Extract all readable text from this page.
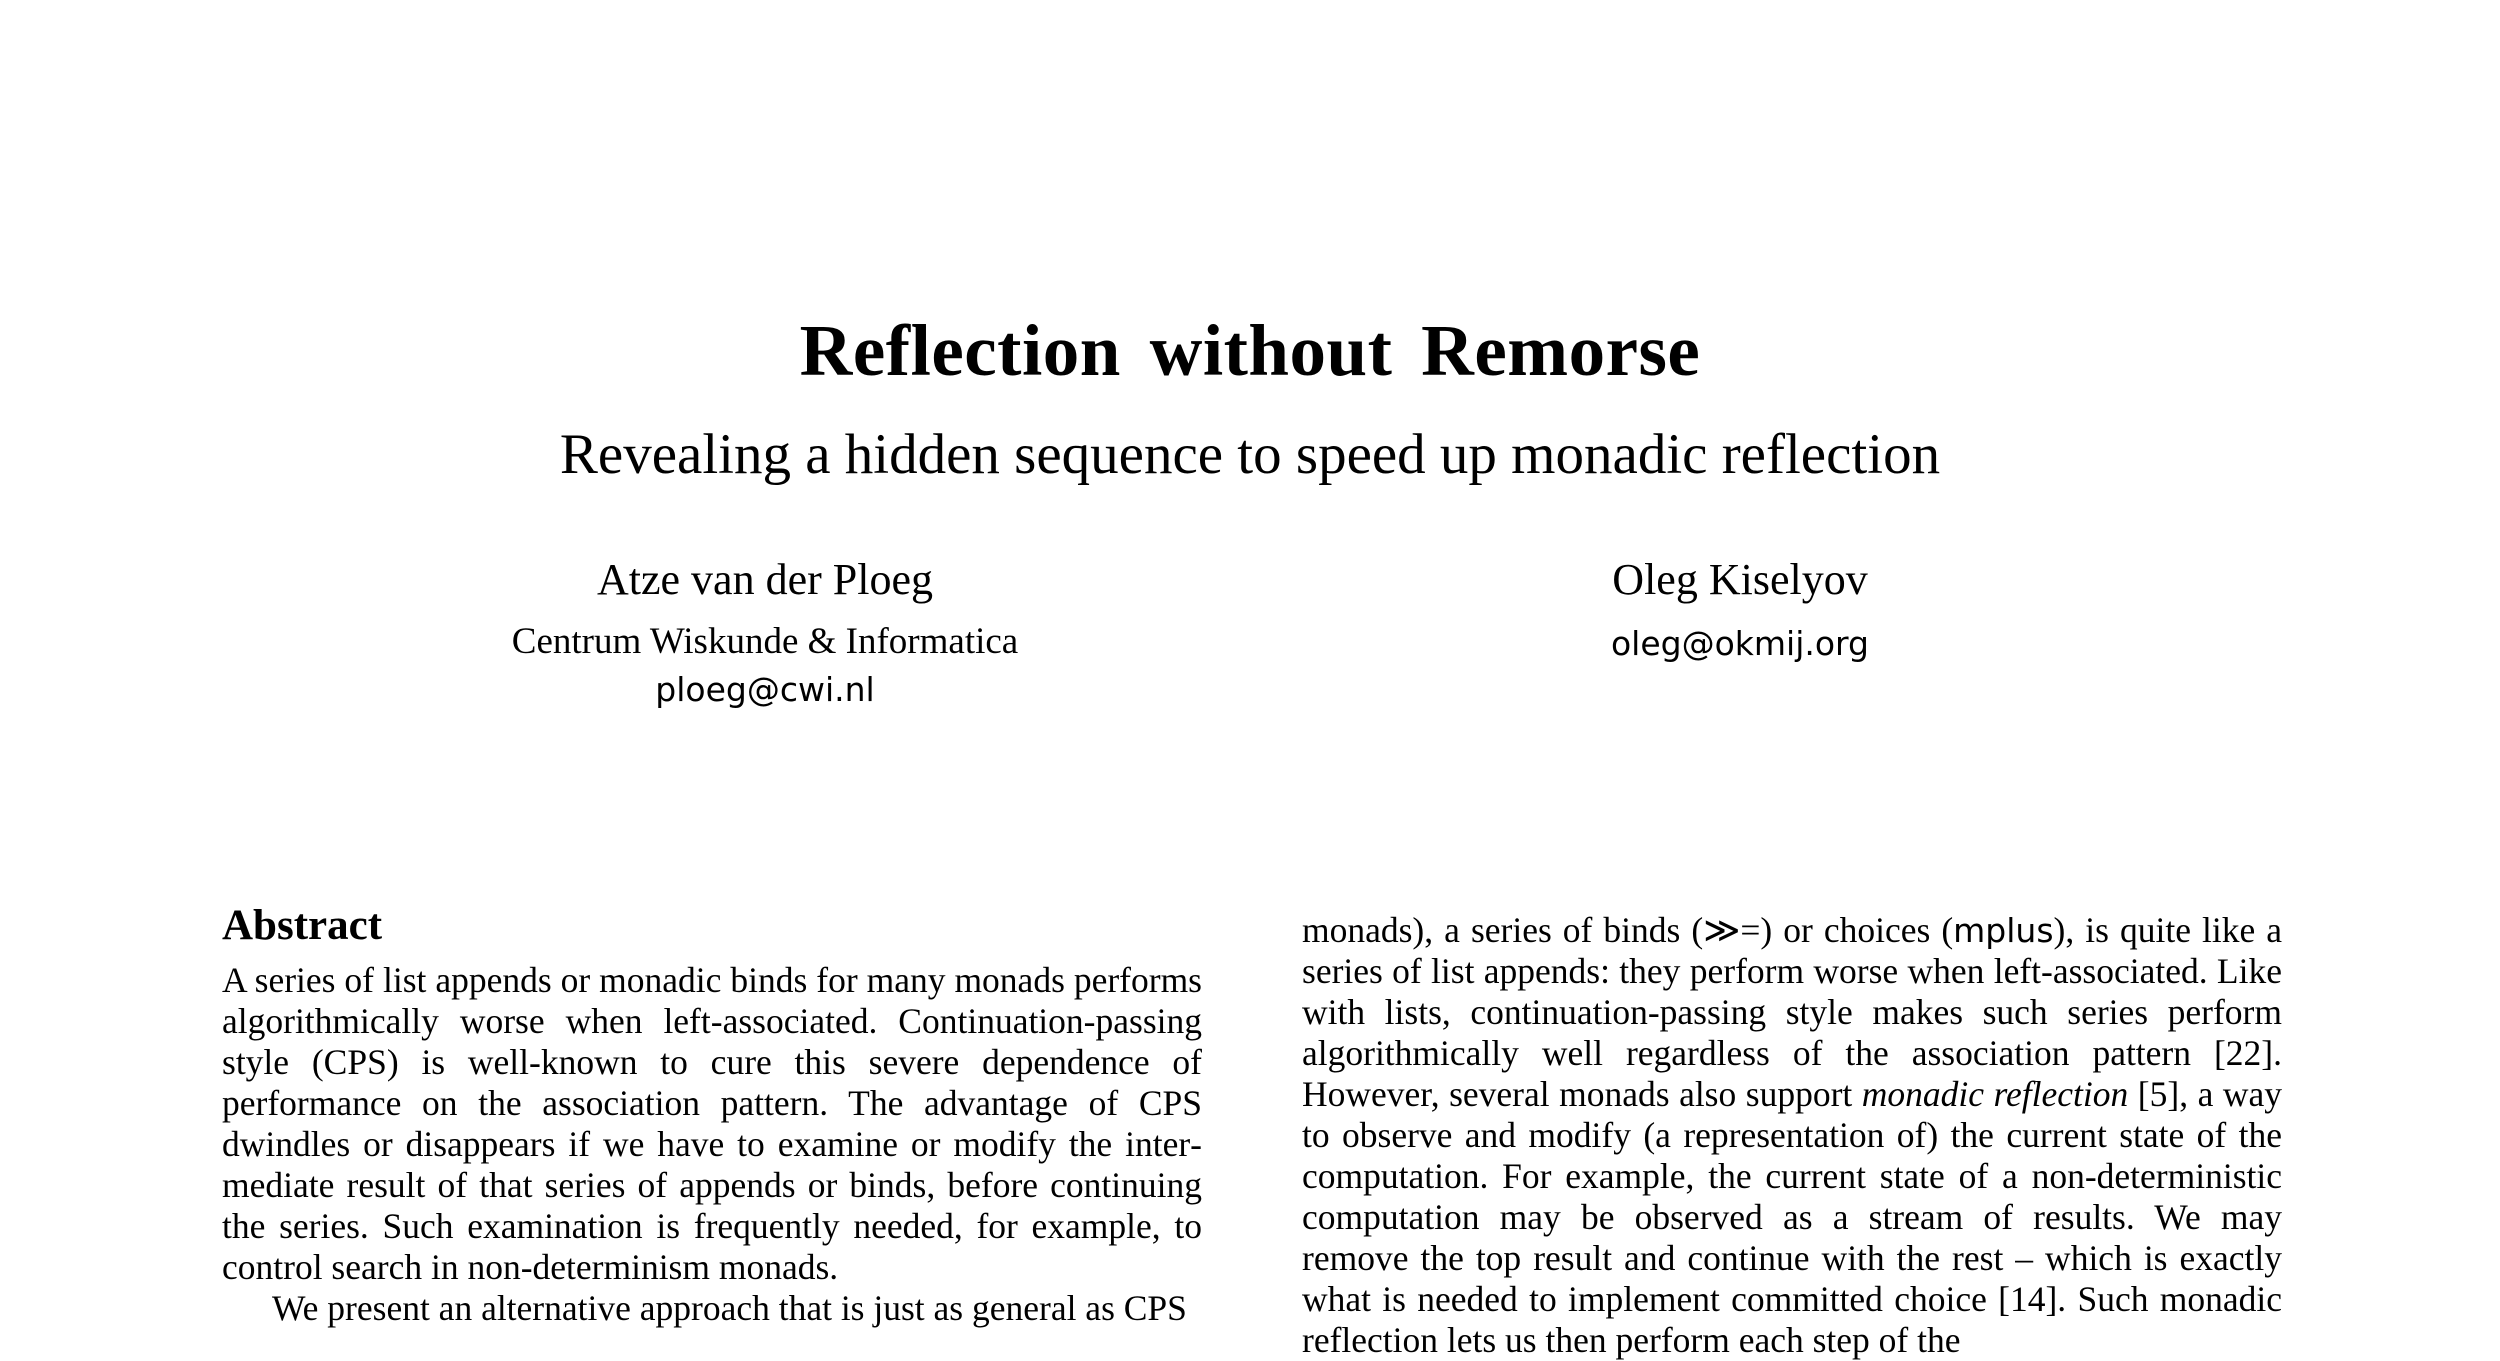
Reflection without Remorse
Revealing a hidden sequence to speed up monadic reflection
Atze van der Ploeg
Centrum Wiskunde & Informatica
ploeg@cwi.nl
Oleg Kiselyov
oleg@okmij.org
Abstract

A series of list appends or monadic binds for many monads performs algorithmically worse when left-associated. Continuation-passing style (CPS) is well-known to cure this severe dependence of performance on the association pattern. The advantage of CPS dwindles or disappears if we have to examine or modify the intermediate result of that series of appends or binds, before continuing the series. Such examination is frequently needed, for example, to control search in non-determinism monads.

We present an alternative approach that is just as general as CPS

monads), a series of binds (≫=) or choices (mplus), is quite like a series of list appends: they perform worse when left-associated. Like with lists, continuation-passing style makes such series perform algorithmically well regardless of the association pattern [22]. However, several monads also support monadic reflection [5], a way to observe and modify (a representation of) the current state of the computation. For example, the current state of a non-deterministic computation may be observed as a stream of results. We may remove the top result and continue with the rest – which is exactly what is needed to implement committed choice [14]. Such monadic reflection lets us then perform each step of the
